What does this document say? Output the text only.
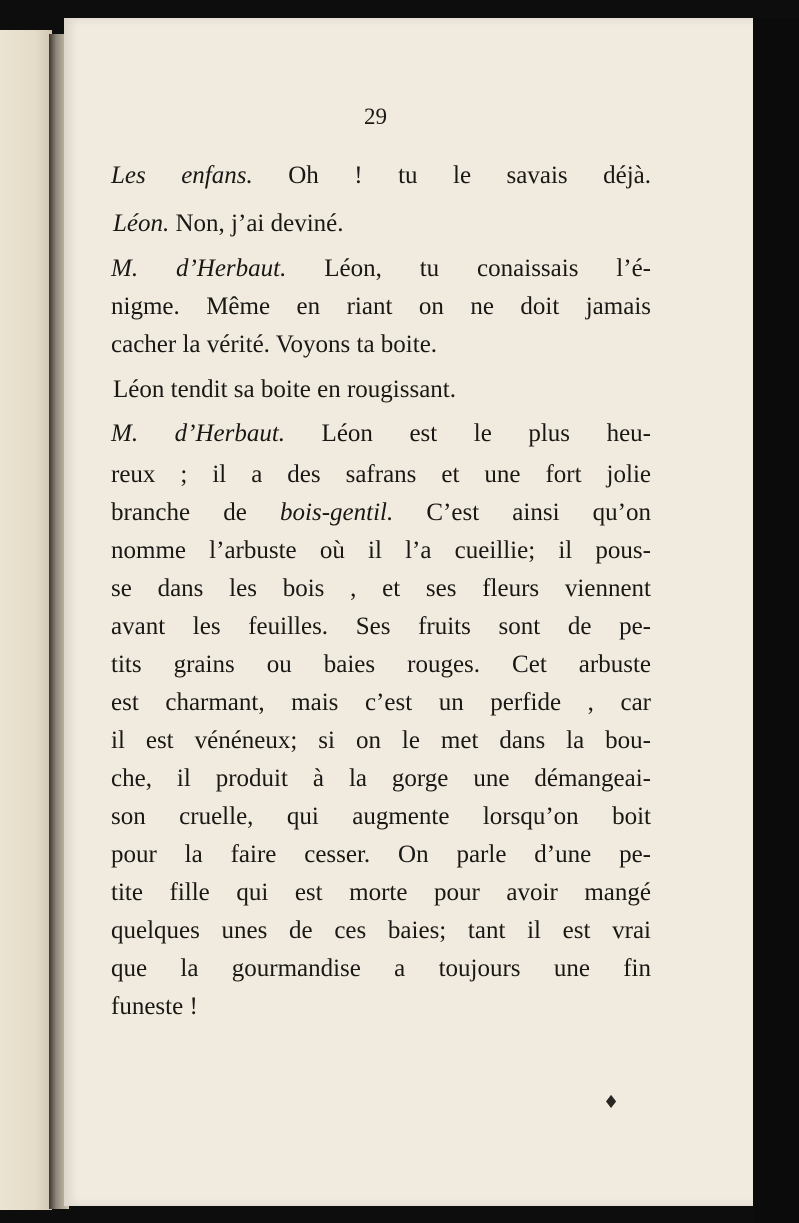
29
Les enfans. Oh ! tu le savais déjà.
Léon. Non, j’ai deviné.
M. d’Herbaut. Léon, tu conaissais l’é-
nigme. Même en riant on ne doit jamais
cacher la vérité. Voyons ta boite.
Léon tendit sa boite en rougissant.
M. d’Herbaut. Léon est le plus heu-
reux ; il a des safrans et une fort jolie
branche de bois-gentil. C’est ainsi qu’on
nomme l’arbuste où il l’a cueillie; il pous-
se dans les bois , et ses fleurs viennent
avant les feuilles. Ses fruits sont de pe-
tits grains ou baies rouges. Cet arbuste
est charmant, mais c’est un perfide , car
il est vénéneux; si on le met dans la bou-
che, il produit à la gorge une démangeai-
son cruelle, qui augmente lorsqu’on boit
pour la faire cesser. On parle d’une pe-
tite fille qui est morte pour avoir mangé
quelques unes de ces baies; tant il est vrai
que la gourmandise a toujours une fin
funeste !
♦
